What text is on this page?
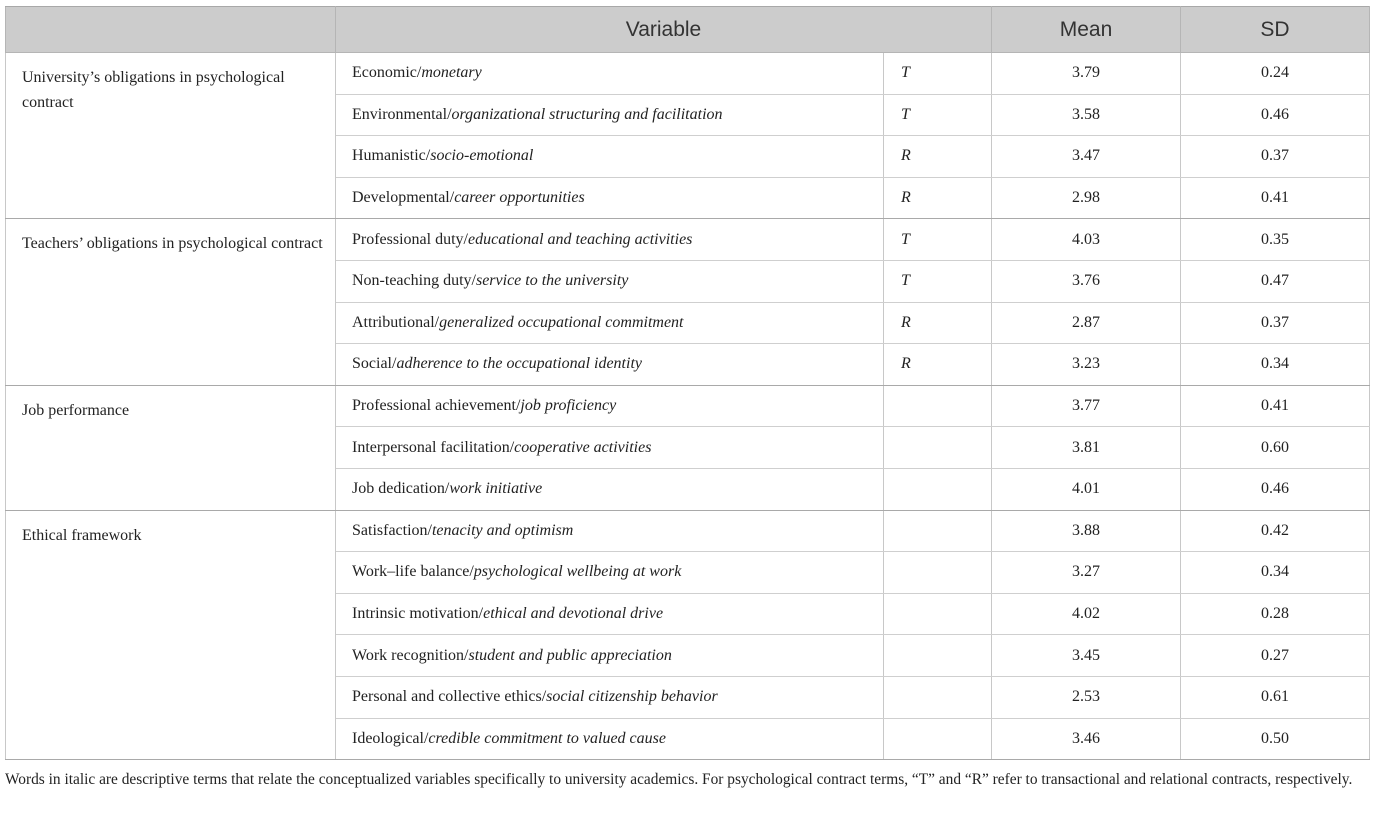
	Variable		Mean	SD
University’s obligations in psychological contract	Economic/monetary	T	3.79	0.24
	Environmental/organizational structuring and facilitation	T	3.58	0.46
	Humanistic/socio-emotional	R	3.47	0.37
	Developmental/career opportunities	R	2.98	0.41
Teachers’ obligations in psychological contract	Professional duty/educational and teaching activities	T	4.03	0.35
	Non-teaching duty/service to the university	T	3.76	0.47
	Attributional/generalized occupational commitment	R	2.87	0.37
	Social/adherence to the occupational identity	R	3.23	0.34
Job performance	Professional achievement/job proficiency		3.77	0.41
	Interpersonal facilitation/cooperative activities		3.81	0.60
	Job dedication/work initiative		4.01	0.46
Ethical framework	Satisfaction/tenacity and optimism		3.88	0.42
	Work–life balance/psychological wellbeing at work		3.27	0.34
	Intrinsic motivation/ethical and devotional drive		4.02	0.28
	Work recognition/student and public appreciation		3.45	0.27
	Personal and collective ethics/social citizenship behavior		2.53	0.61
	Ideological/credible commitment to valued cause		3.46	0.50
Words in italic are descriptive terms that relate the conceptualized variables specifically to university academics. For psychological contract terms, “T” and “R” refer to transactional and relational contracts, respectively.
